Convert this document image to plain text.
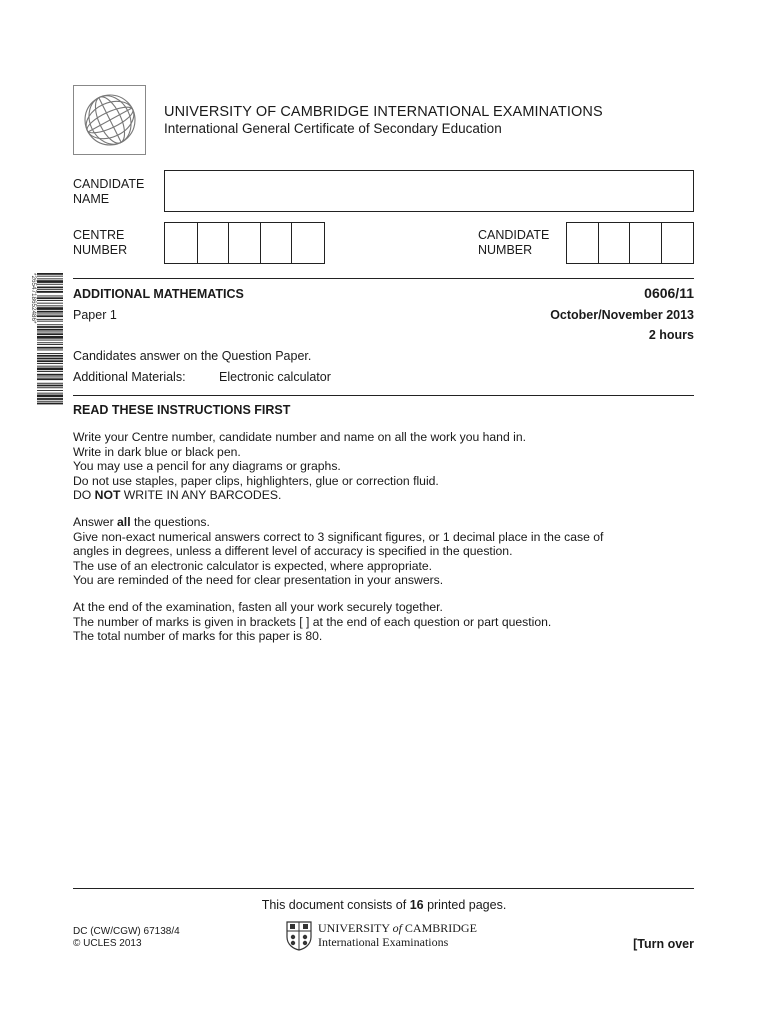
UNIVERSITY OF CAMBRIDGE INTERNATIONAL EXAMINATIONS
International General Certificate of Secondary Education
CANDIDATE
NAME
CENTRE
NUMBER
CANDIDATE
NUMBER
*2654718652486*	ADDITIONAL MATHEMATICS	0606/11
Paper 1	October/November 2013
2 hours
Candidates answer on the Question Paper.
Additional Materials:	Electronic calculator
READ THESE INSTRUCTIONS FIRST
Write your Centre number, candidate number and name on all the work you hand in.
Write in dark blue or black pen.
You may use a pencil for any diagrams or graphs.
Do not use staples, paper clips, highlighters, glue or correction fluid.
DO NOT WRITE IN ANY BARCODES.
Answer all the questions.
Give non-exact numerical answers correct to 3 significant figures, or 1 decimal place in the case of
angles in degrees, unless a different level of accuracy is specified in the question.
The use of an electronic calculator is expected, where appropriate.
You are reminded of the need for clear presentation in your answers.
At the end of the examination, fasten all your work securely together.
The number of marks is given in brackets [ ] at the end of each question or part question.
The total number of marks for this paper is 80.
This document consists of 16 printed pages.
DC (CW/CGW) 67138/4
© UCLES 2013
UNIVERSITY of CAMBRIDGE
International Examinations	[Turn over
